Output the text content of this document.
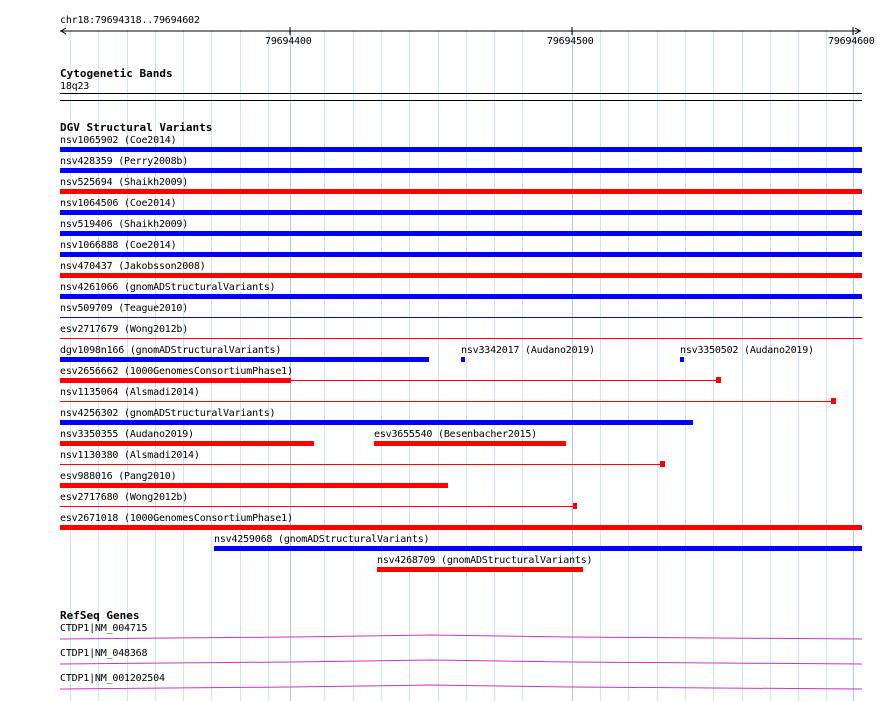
chr18:79694318..79694602
79694400	79694500	79694600
Cytogenetic Bands
18q23
DGV Structural Variants
nsv1065902 (Coe2014)
nsv428359 (Perry2008b)
nsv525694 (Shaikh2009)
nsv1064506 (Coe2014)
nsv519406 (Shaikh2009)
nsv1066888 (Coe2014)
nsv470437 (Jakobsson2008)
nsv4261066 (gnomADStructuralVariants)
nsv509709 (Teague2010)
esv2717679 (Wong2012b)
dgv1098n166 (gnomADStructuralVariants)	nsv3342017 (Audano2019)	nsv3350502 (Audano2019)
esv2656662 (1000GenomesConsortiumPhase1)
nsv1135064 (Alsmadi2014)
nsv4256302 (gnomADStructuralVariants)
nsv3350355 (Audano2019)	esv3655540 (Besenbacher2015)
nsv1130380 (Alsmadi2014)
esv988016 (Pang2010)
esv2717680 (Wong2012b)
esv2671018 (1000GenomesConsortiumPhase1)
nsv4259068 (gnomADStructuralVariants)
nsv4268709 (gnomADStructuralVariants)
RefSeq Genes
CTDP1|NM_004715
CTDP1|NM_048368
CTDP1|NM_001202504
